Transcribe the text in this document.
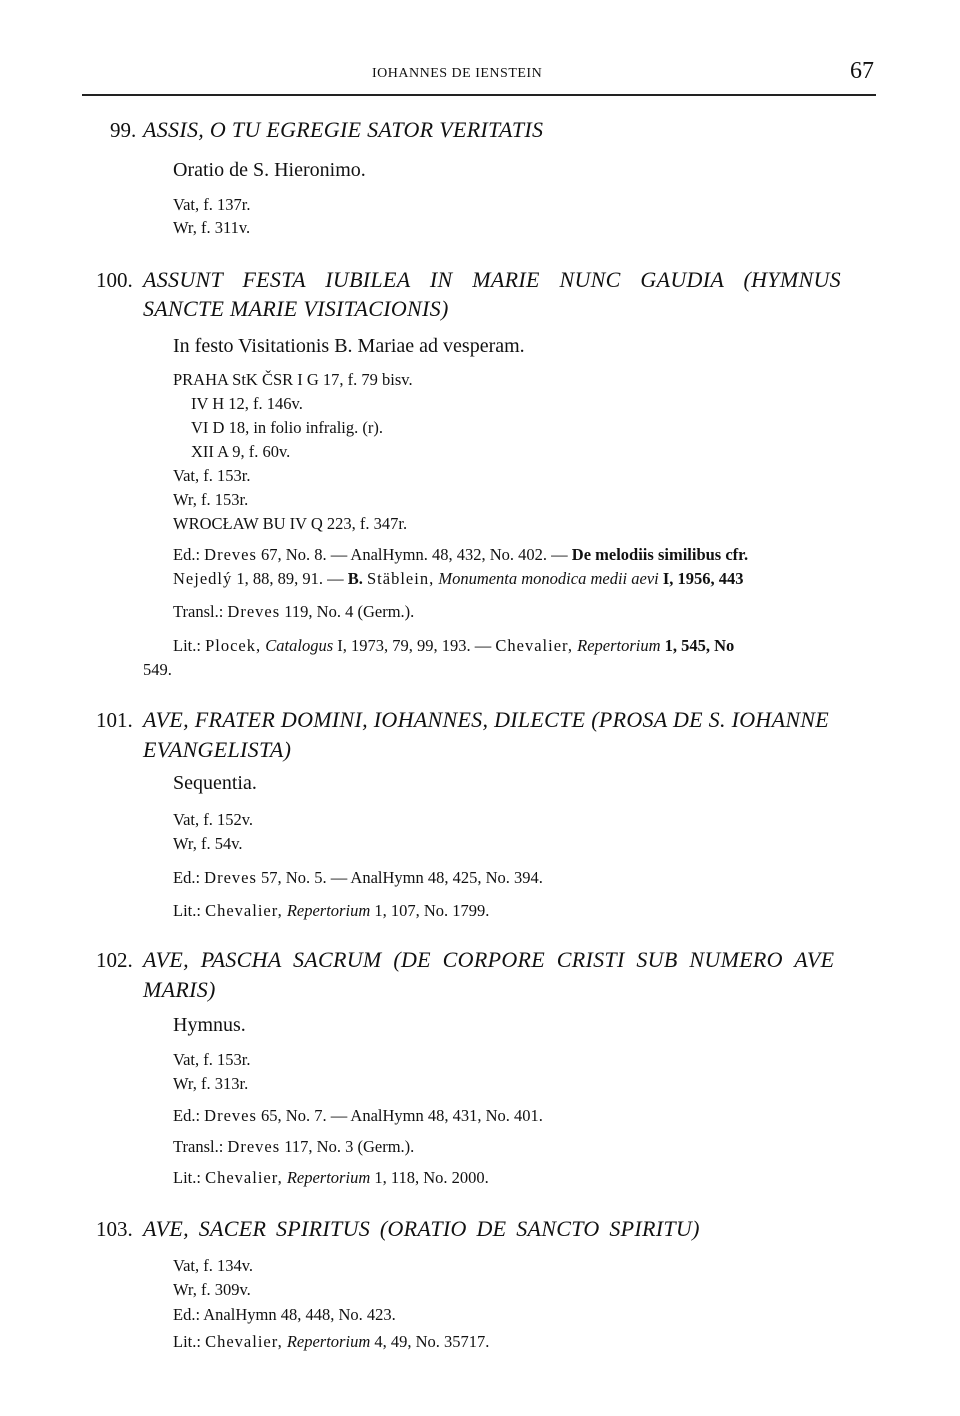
IOHANNES DE IENSTEIN	67
99. ASSIS, O TU EGREGIE SATOR VERITATIS
Oratio de S. Hieronimo.
Vat, f. 137r.
Wr, f. 311v.
100. ASSUNT FESTA IUBILEA IN MARIE NUNC GAUDIA (HYMNUS
SANCTE MARIE VISITACIONIS)
In festo Visitationis B. Mariae ad vesperam.
PRAHA StK ČSR I G 17, f. 79 bisv.
IV H 12, f. 146v.
VI D 18, in folio infralig. (r).
XII A 9, f. 60v.
Vat, f. 153r.
Wr, f. 153r.
WROCŁAW BU IV Q 223, f. 347r.
Ed.: Dreves 67, No. 8. — AnalHymn. 48, 432, No. 402. — De melodiis similibus cfr.
Nejedlý 1, 88, 89, 91. — B. Stäblein, Monumenta monodica medii aevi I, 1956, 443
Transl.: Dreves 119, No. 4 (Germ.).
Lit.: Plocek, Catalogus I, 1973, 79, 99, 193. — Chevalier, Repertorium 1, 545, No
549.
101. AVE, FRATER DOMINI, IOHANNES, DILECTE (PROSA DE S. IOHANNE
EVANGELISTA)
Sequentia.
Vat, f. 152v.
Wr, f. 54v.
Ed.: Dreves 57, No. 5. — AnalHymn 48, 425, No. 394.
Lit.: Chevalier, Repertorium 1, 107, No. 1799.
102. AVE, PASCHA SACRUM (DE CORPORE CRISTI SUB NUMERO AVE
MARIS)
Hymnus.
Vat, f. 153r.
Wr, f. 313r.
Ed.: Dreves 65, No. 7. — AnalHymn 48, 431, No. 401.
Transl.: Dreves 117, No. 3 (Germ.).
Lit.: Chevalier, Repertorium 1, 118, No. 2000.
103. AVE, SACER SPIRITUS (ORATIO DE SANCTO SPIRITU)
Vat, f. 134v.
Wr, f. 309v.
Ed.: AnalHymn 48, 448, No. 423.
Lit.: Chevalier, Repertorium 4, 49, No. 35717.
